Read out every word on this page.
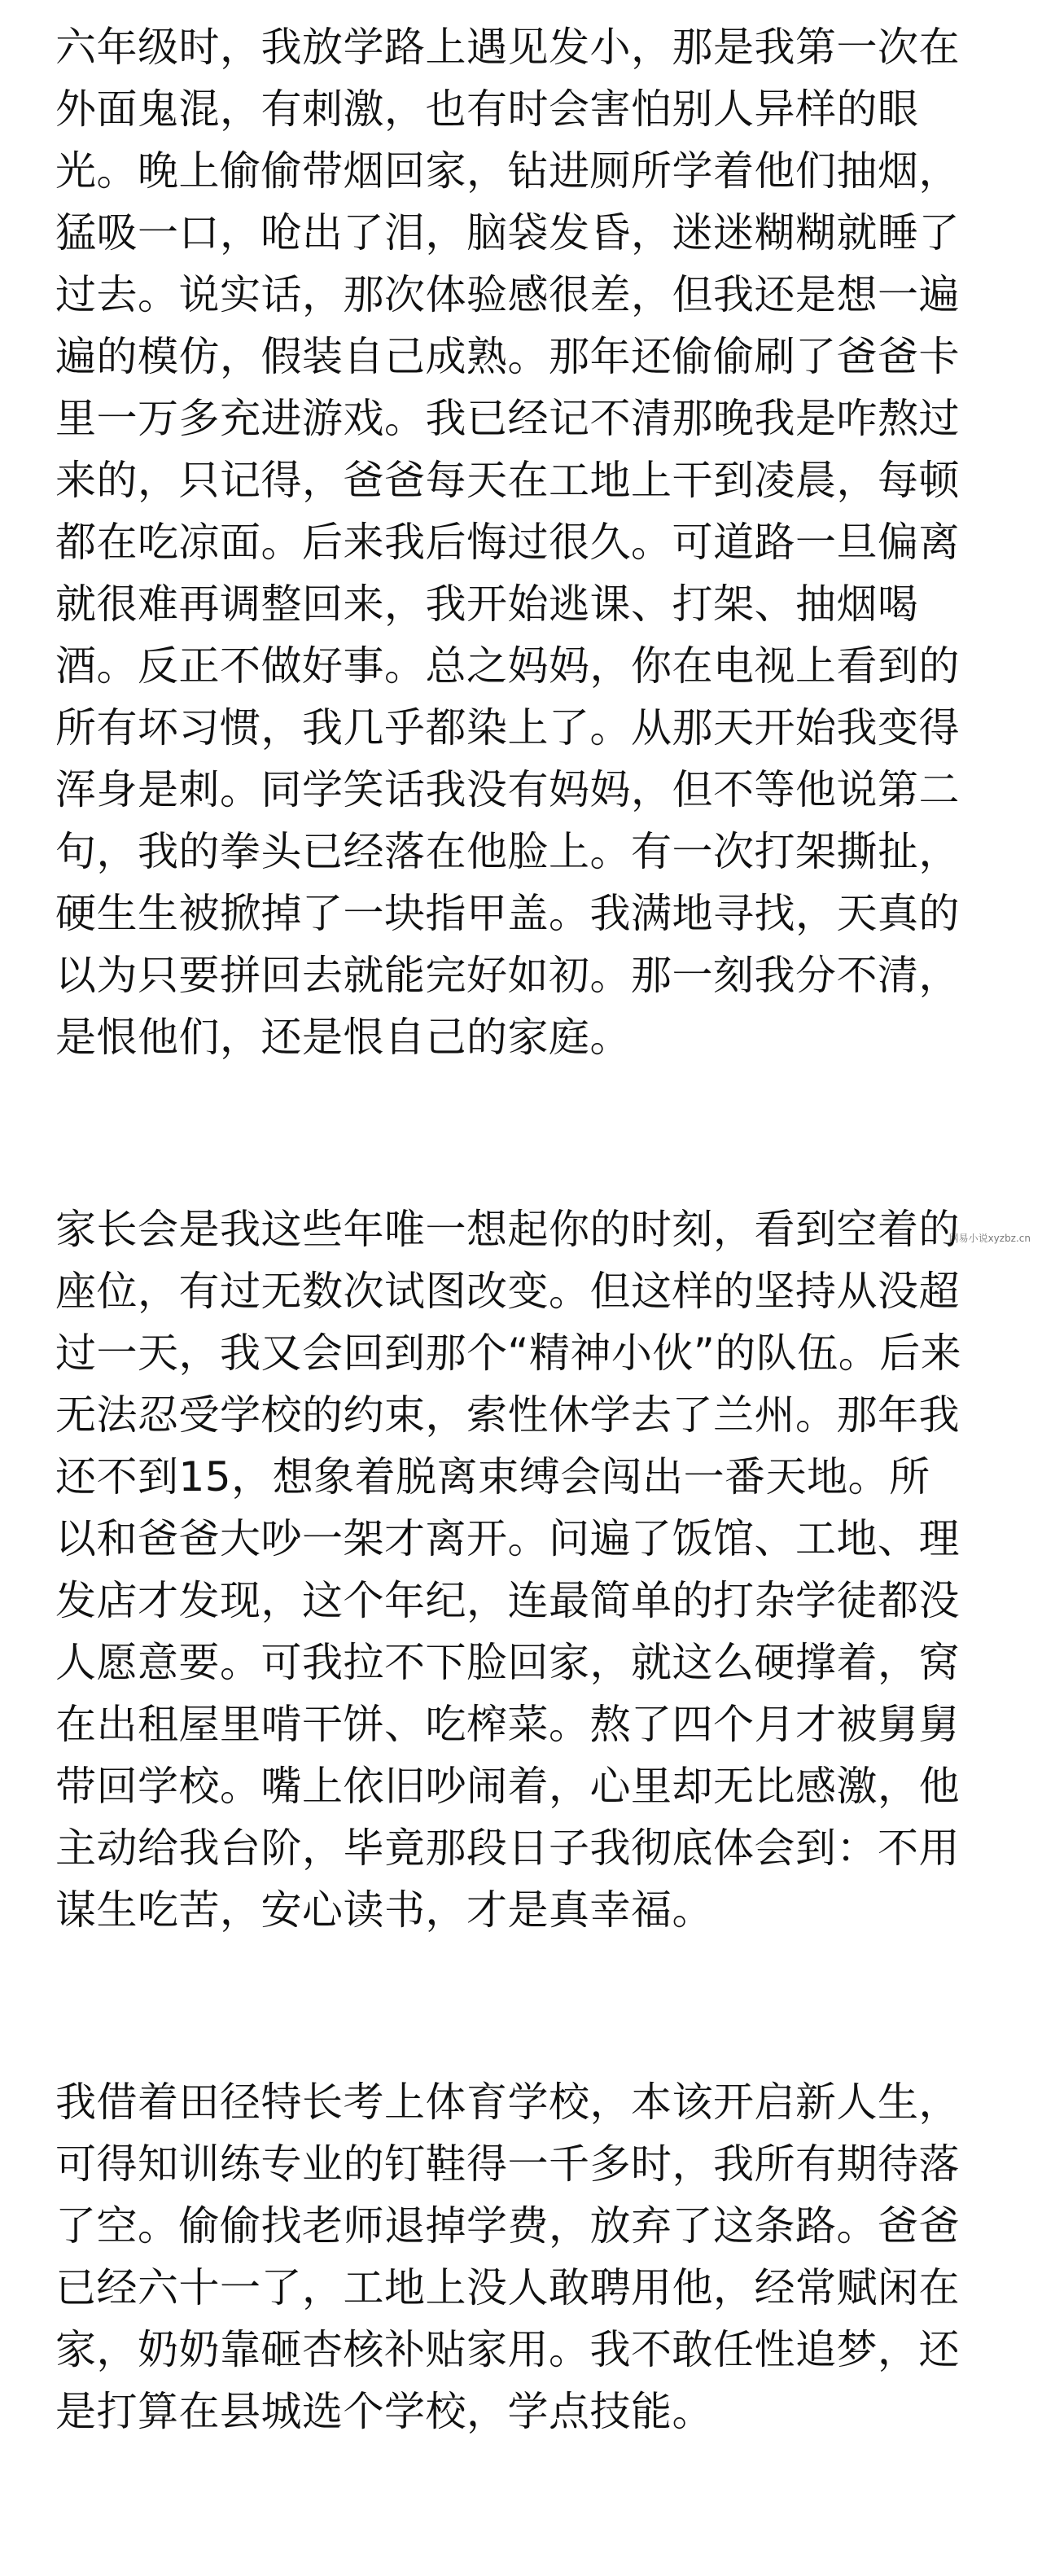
六年级时，我放学路上遇见发小，那是我第一次在
外面鬼混，有刺激，也有时会害怕别人异样的眼
光。晚上偷偷带烟回家，钻进厕所学着他们抽烟，
猛吸一口，呛出了泪，脑袋发昏，迷迷糊糊就睡了
过去。说实话，那次体验感很差，但我还是想一遍
遍的模仿，假装自己成熟。那年还偷偷刷了爸爸卡
里一万多充进游戏。我已经记不清那晚我是咋熬过
来的，只记得，爸爸每天在工地上干到凌晨，每顿
都在吃凉面。后来我后悔过很久。可道路一旦偏离
就很难再调整回来，我开始逃课、打架、抽烟喝
酒。反正不做好事。总之妈妈，你在电视上看到的
所有坏习惯，我几乎都染上了。从那天开始我变得
浑身是刺。同学笑话我没有妈妈，但不等他说第二
句，我的拳头已经落在他脸上。有一次打架撕扯，
硬生生被掀掉了一块指甲盖。我满地寻找，天真的
以为只要拼回去就能完好如初。那一刻我分不清，
是恨他们，还是恨自己的家庭。

网易小说xyzbz.cn

家长会是我这些年唯一想起你的时刻，看到空着的
座位，有过无数次试图改变。但这样的坚持从没超
过一天，我又会回到那个“精神小伙”的队伍。后来
无法忍受学校的约束，索性休学去了兰州。那年我
还不到15，想象着脱离束缚会闯出一番天地。所
以和爸爸大吵一架才离开。问遍了饭馆、工地、理
发店才发现，这个年纪，连最简单的打杂学徒都没
人愿意要。可我拉不下脸回家，就这么硬撑着，窝
在出租屋里啃干饼、吃榨菜。熬了四个月才被舅舅
带回学校。嘴上依旧吵闹着，心里却无比感激，他
主动给我台阶，毕竟那段日子我彻底体会到：不用
谋生吃苦，安心读书，才是真幸福。

我借着田径特长考上体育学校，本该开启新人生，
可得知训练专业的钉鞋得一千多时，我所有期待落
了空。偷偷找老师退掉学费，放弃了这条路。爸爸
已经六十一了，工地上没人敢聘用他，经常赋闲在
家，奶奶靠砸杏核补贴家用。我不敢任性追梦，还
是打算在县城选个学校，学点技能。
